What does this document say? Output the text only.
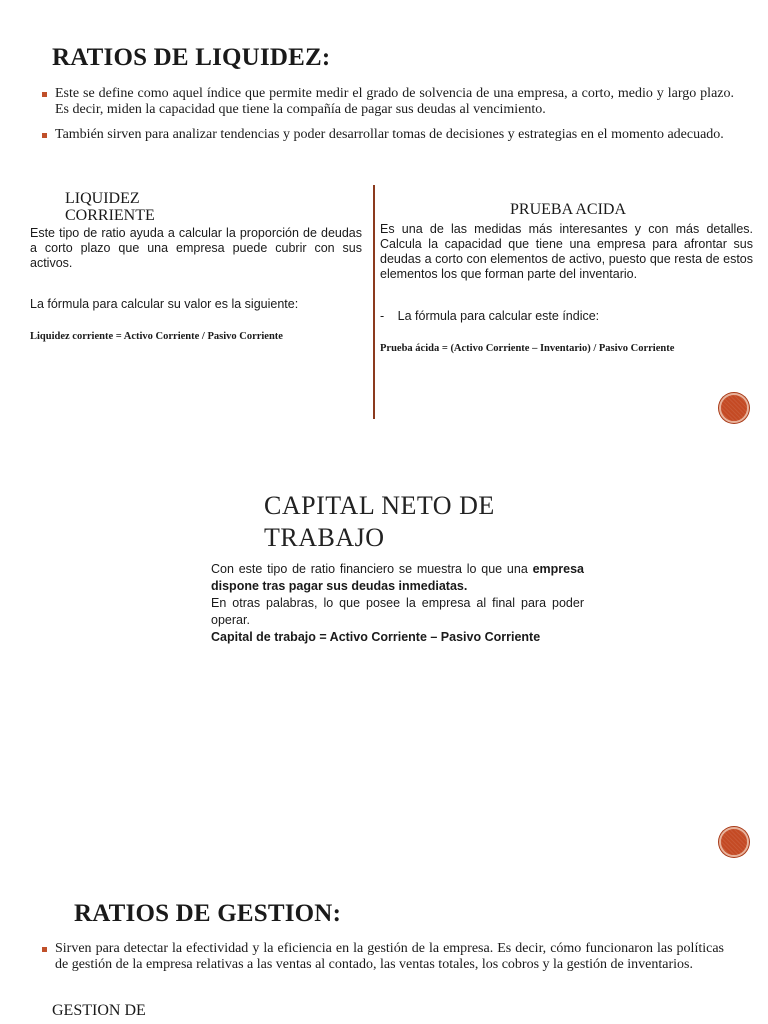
RATIOS DE LIQUIDEZ:
Este se define como aquel índice que permite medir el grado de solvencia de una empresa, a corto, medio y largo plazo. Es decir, miden la capacidad que tiene la compañía de pagar sus deudas al vencimiento.
También sirven para analizar tendencias y poder desarrollar tomas de decisiones y estrategias en el momento adecuado.
LIQUIDEZ CORRIENTE
Este tipo de ratio ayuda a calcular la proporción de deudas a corto plazo que una empresa puede cubrir con sus activos.
La fórmula para calcular su valor es la siguiente:
Liquidez corriente = Activo Corriente / Pasivo Corriente
PRUEBA ACIDA
Es una de las medidas más interesantes y con más detalles. Calcula la capacidad que tiene una empresa para afrontar sus deudas a corto con elementos de activo, puesto que resta de estos elementos los que forman parte del inventario.
- La fórmula para calcular este índice:
Prueba ácida = (Activo Corriente – Inventario) / Pasivo Corriente
CAPITAL NETO DE
TRABAJO
Con este tipo de ratio financiero se muestra lo que una empresa dispone tras pagar sus deudas inmediatas.
En otras palabras, lo que posee la empresa al final para poder operar.
Capital de trabajo = Activo Corriente – Pasivo Corriente
RATIOS DE GESTION:
Sirven para detectar la efectividad y la eficiencia en la gestión de la empresa. Es decir, cómo funcionaron las políticas de gestión de la empresa relativas a las ventas al contado, las ventas totales, los cobros y la gestión de inventarios.
GESTION DE
